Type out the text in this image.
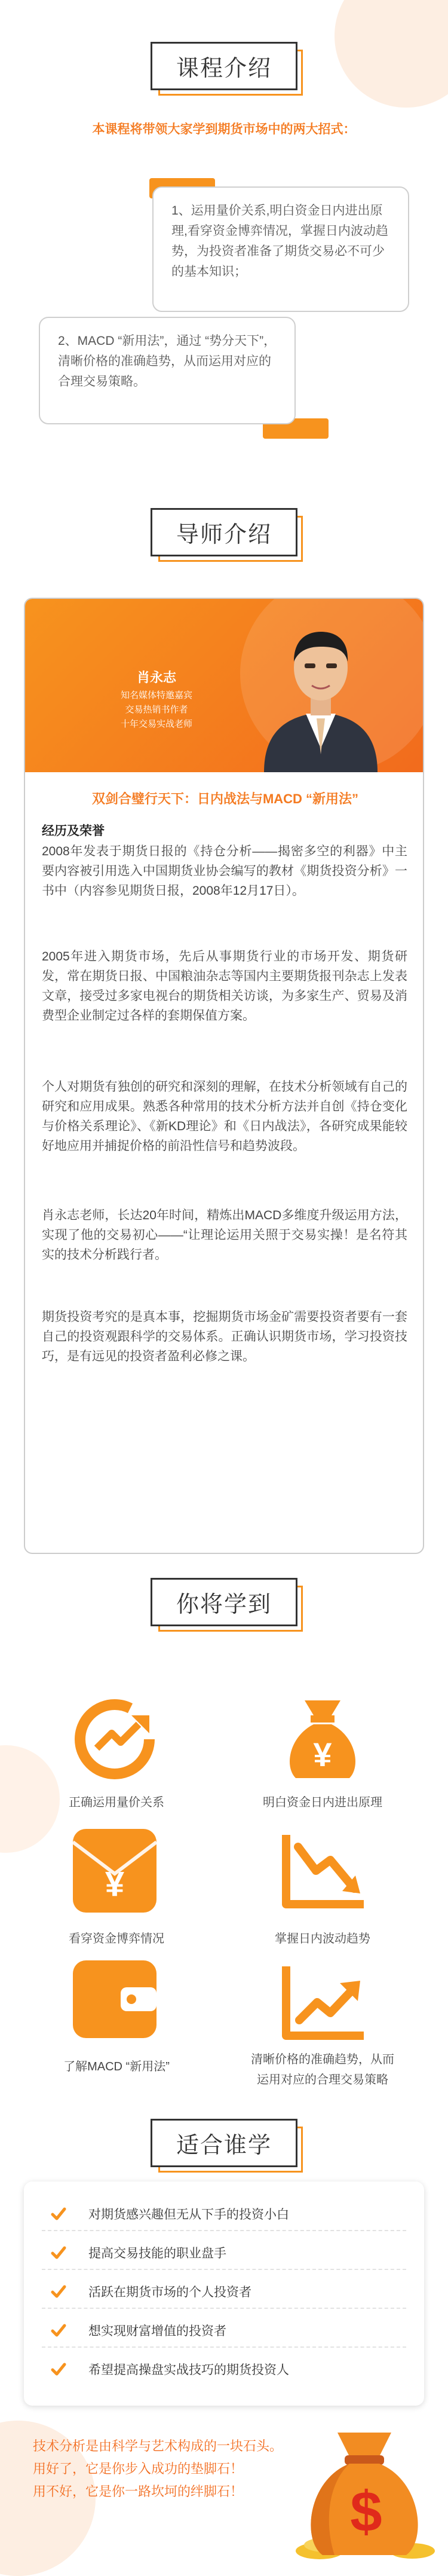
课程介绍
本课程将带领大家学到期货市场中的两大招式：
1、运用量价关系,明白资金日内进出原理,看穿资金博弈情况，掌握日内波动趋势，为投资者准备了期货交易必不可少的基本知识；
2、MACD “新用法”，通过 “势分天下”，清晰价格的准确趋势，从而运用对应的合理交易策略。
导师介绍
肖永志
知名媒体特邀嘉宾
交易热销书作者
十年交易实战老师
双剑合璧行天下：日内战法与MACD “新用法”
经历及荣誉
2008年发表于期货日报的《持仓分析——揭密多空的利器》中主要内容被引用选入中国期货业协会编写的教材《期货投资分析》一书中（内容参见期货日报，2008年12月17日）。
2005年进入期货市场，先后从事期货行业的市场开发、期货研发，常在期货日报、中国粮油杂志等国内主要期货报刊杂志上发表文章，接受过多家电视台的期货相关访谈，为多家生产、贸易及消费型企业制定过各样的套期保值方案。
个人对期货有独创的研究和深刻的理解，在技术分析领域有自己的研究和应用成果。熟悉各种常用的技术分析方法并自创《持仓变化与价格关系理论》、《新KD理论》和《日内战法》，各研究成果能较好地应用并捕捉价格的前沿性信号和趋势波段。
肖永志老师，长达20年时间，精炼出MACD多维度升级运用方法，实现了他的交易初心——“让理论运用关照于交易实操！是名符其实的技术分析践行者。
期货投资考究的是真本事，挖掘期货市场金矿需要投资者要有一套自己的投资观跟科学的交易体系。正确认识期货市场，学习投资技巧，是有远见的投资者盈利必修之课。
你将学到
正确运用量价关系
¥
明白资金日内进出原理
¥
看穿资金博弈情况	掌握日内波动趋势
了解MACD “新用法”
清晰价格的准确趋势，从而
运用对应的合理交易策略
适合谁学
对期货感兴趣但无从下手的投资小白
提高交易技能的职业盘手
活跃在期货市场的个人投资者
想实现财富增值的投资者
希望提高操盘实战技巧的期货投资人
技术分析是由科学与艺术构成的一块石头。
用好了，它是你步入成功的垫脚石！
用不好，它是你一路坎坷的绊脚石！ $
